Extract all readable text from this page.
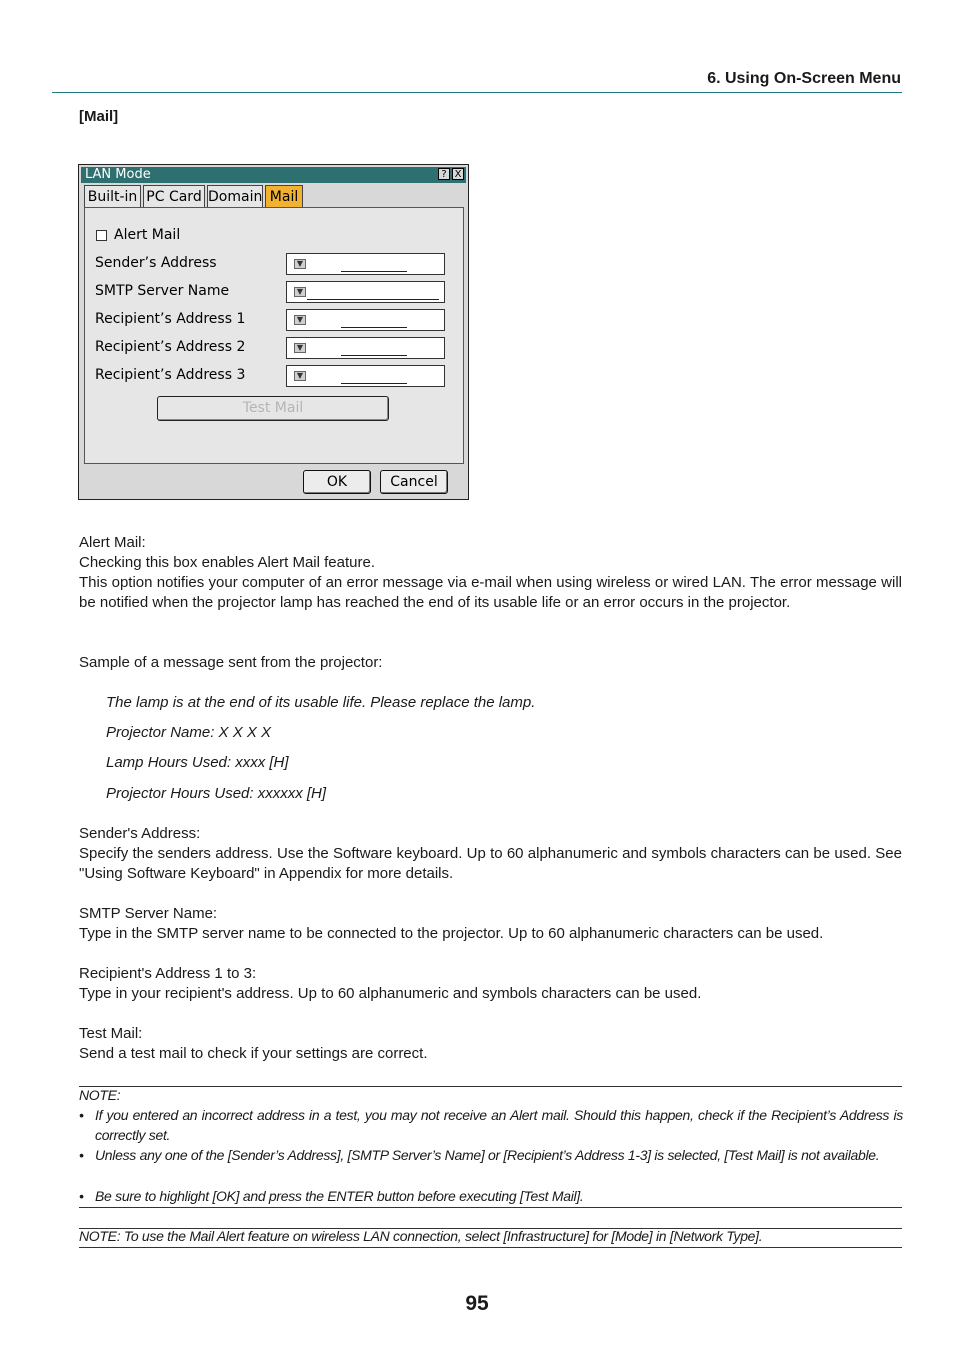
6. Using On-Screen Menu
[Mail]
LAN Mode	? X
Built-in PC Card Domain Mail
Alert Mail
Sender’s Address	▼
SMTP Server Name	▼
Recipient’s Address 1	▼
Recipient’s Address 2	▼
Recipient’s Address 3	▼
Test Mail
OK	Cancel
Alert Mail:
Checking this box enables Alert Mail feature.
This option notifies your computer of an error message via e-mail when using wireless or wired LAN. The error message will be notified when the projector lamp has reached the end of its usable life or an error occurs in the projector.
Sample of a message sent from the projector:
The lamp is at the end of its usable life. Please replace the lamp.
Projector Name: X X X X
Lamp Hours Used: xxxx [H]
Projector Hours Used: xxxxxx [H]
Sender's Address:
Specify the senders address. Use the Software keyboard. Up to 60 alphanumeric and symbols characters can be used. See "Using Software Keyboard" in Appendix for more details.
SMTP Server Name:
Type in the SMTP server name to be connected to the projector. Up to 60 alphanumeric characters can be used.
Recipient's Address 1 to 3:
Type in your recipient's address. Up to 60 alphanumeric and symbols characters can be used.
Test Mail:
Send a test mail to check if your settings are correct.
NOTE:
• If you entered an incorrect address in a test, you may not receive an Alert mail. Should this happen, check if the Recipient’s Address is correctly set.
• Unless any one of the [Sender’s Address], [SMTP Server’s Name] or [Recipient’s Address 1-3] is selected, [Test Mail] is not available.
• Be sure to highlight [OK] and press the ENTER button before executing [Test Mail].
NOTE: To use the Mail Alert feature on wireless LAN connection, select [Infrastructure] for [Mode] in [Network Type].
95
